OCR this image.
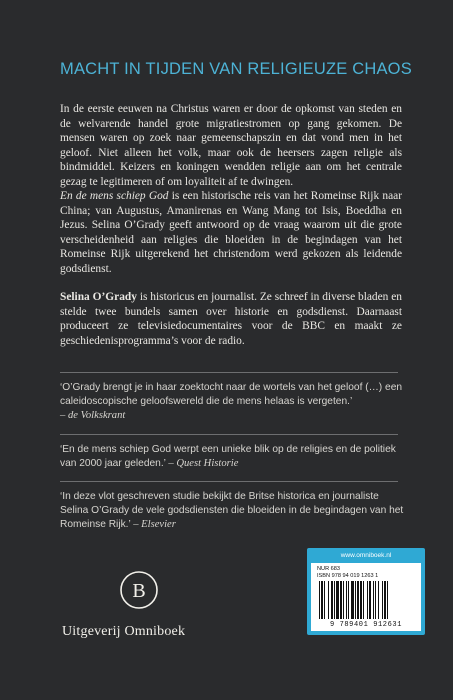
MACHT IN TIJDEN VAN RELIGIEUZE CHAOS

In de eerste eeuwen na Christus waren er door de opkomst van steden en de welvarende handel grote migratiestromen op gang gekomen. De mensen waren op zoek naar gemeenschapszin en dat vond men in het geloof. Niet alleen het volk, maar ook de heersers zagen religie als bindmiddel. Keizers en koningen wendden religie aan om het centrale gezag te legitimeren of om loyaliteit af te dwingen.

En de mens schiep God is een historische reis van het Romeinse Rijk naar China; van Augustus, Amanirenas en Wang Mang tot Isis, Boeddha en Jezus. Selina O’Grady geeft antwoord op de vraag waarom uit die grote verscheidenheid aan religies die bloeiden in de begindagen van het Romeinse Rijk uitgerekend het christendom werd gekozen als leidende godsdienst.

Selina O’Grady is historicus en journalist. Ze schreef in diverse bladen en stelde twee bundels samen over historie en godsdienst. Daarnaast produceert ze televisiedocumentaires voor de BBC en maakt ze geschiedenisprogramma’s voor de radio.

‘O’Grady brengt je in haar zoektocht naar de wortels van het geloof (…) een caleidoscopische geloofswereld die de mens helaas is vergeten.’
– de Volkskrant
‘En de mens schiep God werpt een unieke blik op de religies en de politiek van 2000 jaar geleden.’ – Quest Historie
‘In deze vlot geschreven studie bekijkt de Britse historica en journaliste Selina O’Grady de vele godsdiensten die bloeiden in de begindagen van het Romeinse Rijk.’ – Elsevier
B
Uitgeverij Omniboek
www.omniboek.nl
NUR 683
ISBN 978 94 019 1263 1
9 789401 912631
